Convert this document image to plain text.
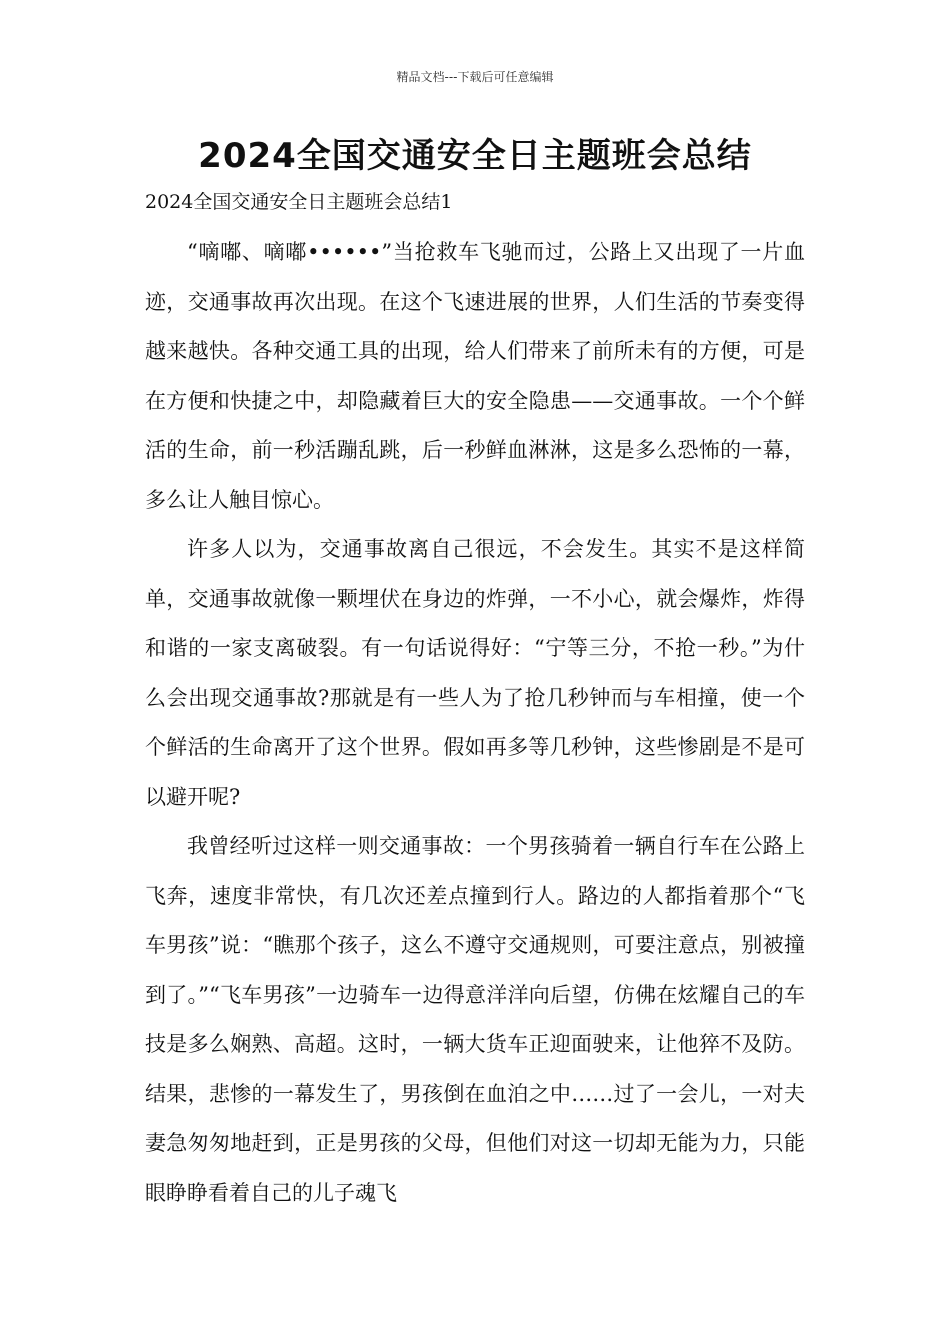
精品文档---下载后可任意编辑
2024全国交通安全日主题班会总结
2024全国交通安全日主题班会总结1

“嘀嘟、嘀嘟••••••”当抢救车飞驰而过，公路上又出现了一片血迹，交通事故再次出现。在这个飞速进展的世界，人们生活的节奏变得越来越快。各种交通工具的出现，给人们带来了前所未有的方便，可是在方便和快捷之中，却隐藏着巨大的安全隐患——交通事故。一个个鲜活的生命，前一秒活蹦乱跳，后一秒鲜血淋淋，这是多么恐怖的一幕，多么让人触目惊心。

许多人以为，交通事故离自己很远，不会发生。其实不是这样简单，交通事故就像一颗埋伏在身边的炸弹，一不小心，就会爆炸，炸得和谐的一家支离破裂。有一句话说得好：“宁等三分，不抢一秒。”为什么会出现交通事故?那就是有一些人为了抢几秒钟而与车相撞，使一个个鲜活的生命离开了这个世界。假如再多等几秒钟，这些惨剧是不是可以避开呢?

我曾经听过这样一则交通事故：一个男孩骑着一辆自行车在公路上飞奔，速度非常快，有几次还差点撞到行人。路边的人都指着那个“飞车男孩”说：“瞧那个孩子，这么不遵守交通规则，可要注意点，别被撞到了。”“飞车男孩”一边骑车一边得意洋洋向后望，仿佛在炫耀自己的车技是多么娴熟、高超。这时，一辆大货车正迎面驶来，让他猝不及防。结果，悲惨的一幕发生了，男孩倒在血泊之中……过了一会儿，一对夫妻急匆匆地赶到，正是男孩的父母，但他们对这一切却无能为力，只能眼睁睁看着自己的儿子魂飞
